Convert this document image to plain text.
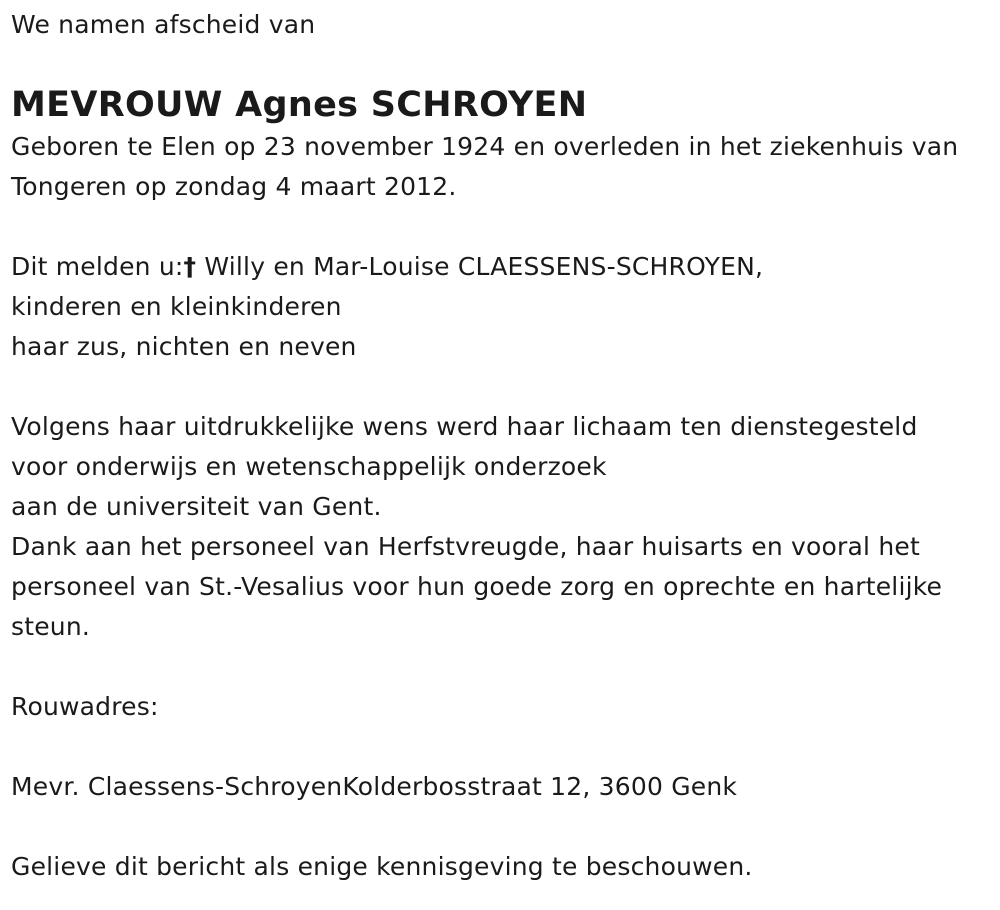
We namen afscheid van
MEVROUW Agnes SCHROYEN
Geboren te Elen op 23 november 1924 en overleden in het ziekenhuis van
Tongeren op zondag 4 maart 2012.
Dit melden u:† Willy en Mar-Louise CLAESSENS-SCHROYEN,
kinderen en kleinkinderen
haar zus, nichten en neven
Volgens haar uitdrukkelijke wens werd haar lichaam ten dienstegesteld
voor onderwijs en wetenschappelijk onderzoek
aan de universiteit van Gent.
Dank aan het personeel van Herfstvreugde, haar huisarts en vooral het
personeel van St.-Vesalius voor hun goede zorg en oprechte en hartelijke
steun.
Rouwadres:
Mevr. Claessens-SchroyenKolderbosstraat 12, 3600 Genk
Gelieve dit bericht als enige kennisgeving te beschouwen.
